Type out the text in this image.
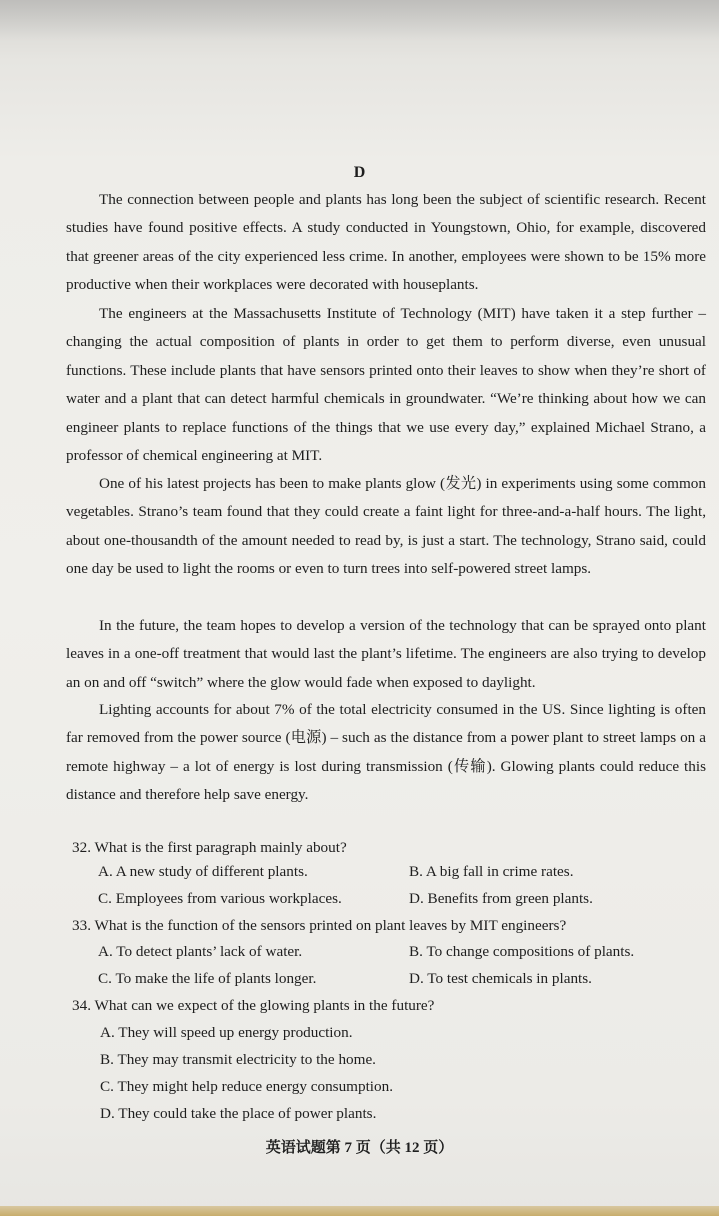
D

The connection between people and plants has long been the subject of scientific research. Recent studies have found positive effects. A study conducted in Youngstown, Ohio, for example, discovered that greener areas of the city experienced less crime. In another, employees were shown to be 15% more productive when their workplaces were decorated with houseplants.

The engineers at the Massachusetts Institute of Technology (MIT) have taken it a step further – changing the actual composition of plants in order to get them to perform diverse, even unusual functions. These include plants that have sensors printed onto their leaves to show when they’re short of water and a plant that can detect harmful chemicals in groundwater. “We’re thinking about how we can engineer plants to replace functions of the things that we use every day,” explained Michael Strano, a professor of chemical engineering at MIT.

One of his latest projects has been to make plants glow (发光) in experiments using some common vegetables. Strano’s team found that they could create a faint light for three-and-a-half hours. The light, about one-thousandth of the amount needed to read by, is just a start. The technology, Strano said, could one day be used to light the rooms or even to turn trees into self-powered street lamps.

In the future, the team hopes to develop a version of the technology that can be sprayed onto plant leaves in a one-off treatment that would last the plant’s lifetime. The engineers are also trying to develop an on and off “switch” where the glow would fade when exposed to daylight.

Lighting accounts for about 7% of the total electricity consumed in the US. Since lighting is often far removed from the power source (电源) – such as the distance from a power plant to street lamps on a remote highway – a lot of energy is lost during transmission (传输). Glowing plants could reduce this distance and therefore help save energy.

32. What is the first paragraph mainly about?

A. A new study of different plants.	B. A big fall in crime rates.
C. Employees from various workplaces.	D. Benefits from green plants.

33. What is the function of the sensors printed on plant leaves by MIT engineers?

A. To detect plants’ lack of water.	B. To change compositions of plants.
C. To make the life of plants longer.	D. To test chemicals in plants.

34. What can we expect of the glowing plants in the future?

A. They will speed up energy production.
B. They may transmit electricity to the home.
C. They might help reduce energy consumption.
D. They could take the place of power plants.
英语试题第 7 页（共 12 页）
